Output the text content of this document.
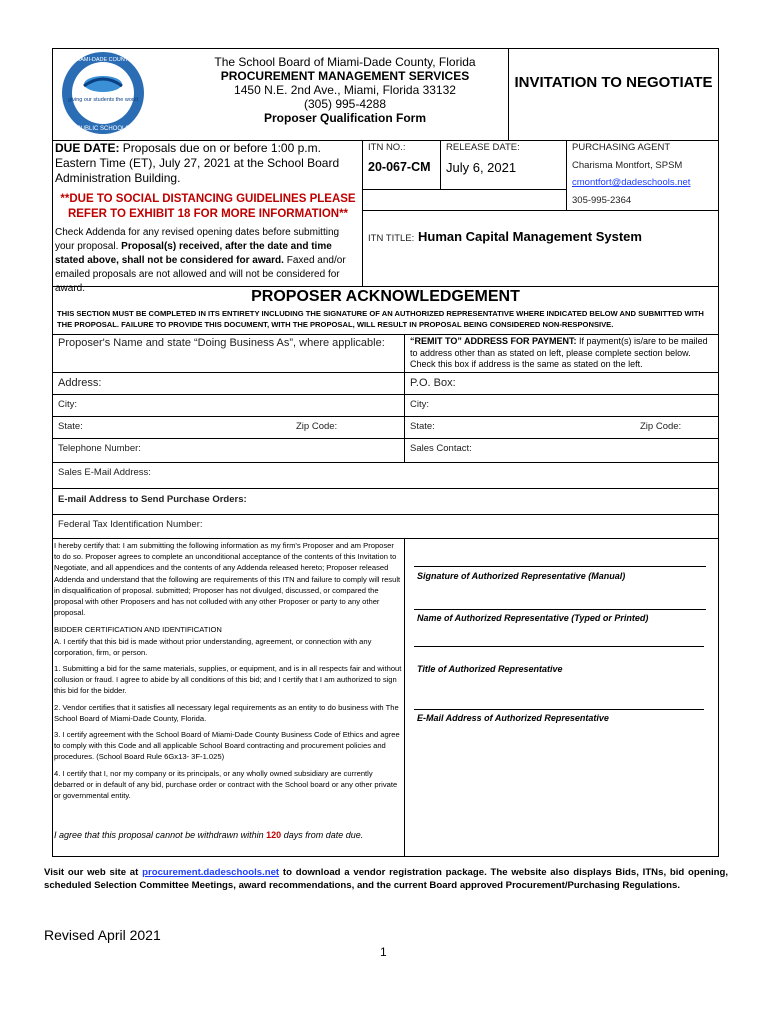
giving our students the world
MIAMI-DADE COUNTY
PUBLIC SCHOOLS
The School Board of Miami-Dade County, Florida
PROCUREMENT MANAGEMENT SERVICES
1450 N.E. 2nd Ave., Miami, Florida 33132
(305) 995-4288
Proposer Qualification Form
INVITATION TO NEGOTIATE
DUE DATE: Proposals due on or before 1:00 p.m. Eastern Time (ET), July 27, 2021 at the School Board Administration Building.
**DUE TO SOCIAL DISTANCING GUIDELINES PLEASE REFER TO EXHIBIT 18 FOR MORE INFORMATION**
Check Addenda for any revised opening dates before submitting your proposal. Proposal(s) received, after the date and time stated above, shall not be considered for award. Faxed and/or emailed proposals are not allowed and will not be considered for award.
ITN NO.:
20-067-CM
RELEASE DATE:
July 6, 2021
PURCHASING AGENT
Charisma Montfort, SPSM
cmontfort@dadeschools.net
305-995-2364
ITN TITLE: Human Capital Management System
PROPOSER ACKNOWLEDGEMENT
THIS SECTION MUST BE COMPLETED IN ITS ENTIRETY INCLUDING THE SIGNATURE OF AN AUTHORIZED REPRESENTATIVE WHERE INDICATED BELOW AND SUBMITTED WITH THE PROPOSAL. FAILURE TO PROVIDE THIS DOCUMENT, WITH THE PROPOSAL, WILL RESULT IN PROPOSAL BEING CONSIDERED NON-RESPONSIVE.
Proposer's Name and state “Doing Business As”, where applicable:	“REMIT TO” ADDRESS FOR PAYMENT: If payment(s) is/are to be mailed to address other than as stated on left, please complete section below. Check this box if address is the same as stated on the left.
Address:	P.O. Box:
City:	City:
State:	Zip Code:	State:	Zip Code:
Telephone Number:	Sales Contact:
Sales E-Mail Address:
E-mail Address to Send Purchase Orders:
Federal Tax Identification Number:

I hereby certify that: I am submitting the following information as my firm's Proposer and am Proposer to do so. Proposer agrees to complete an unconditional acceptance of the contents of this Invitation to Negotiate, and all appendices and the contents of any Addenda released hereto; Proposer released Addenda and understand that the following are requirements of this ITN and failure to comply will result in disqualification of proposal. submitted; Proposer has not divulged, discussed, or compared the proposal with other Proposers and has not colluded with any other Proposer or party to any other proposal.

BIDDER CERTIFICATION AND IDENTIFICATION

A. I certify that this bid is made without prior understanding, agreement, or connection with any corporation, firm, or person.

1. Submitting a bid for the same materials, supplies, or equipment, and is in all respects fair and without collusion or fraud. I agree to abide by all conditions of this bid; and I certify that I am authorized to sign this bid for the bidder.

2. Vendor certifies that it satisfies all necessary legal requirements as an entity to do business with The School Board of Miami-Dade County, Florida.

3. I certify agreement with the School Board of Miami-Dade County Business Code of Ethics and agree to comply with this Code and all applicable School Board contracting and procurement policies and procedures. (School Board Rule 6Gx13- 3F-1.025)

4. I certify that I, nor my company or its principals, or any wholly owned subsidiary are currently debarred or in default of any bid, purchase order or contract with the School board or any other private or governmental entity.

I agree that this proposal cannot be withdrawn within 120 days from date due.
Signature of Authorized Representative (Manual)
Name of Authorized Representative (Typed or Printed)
Title of Authorized Representative
E-Mail Address of Authorized Representative
Visit our web site at procurement.dadeschools.net to download a vendor registration package. The website also displays Bids, ITNs, bid opening, scheduled Selection Committee Meetings, award recommendations, and the current Board approved Procurement/Purchasing Regulations.
Revised April 2021
1
